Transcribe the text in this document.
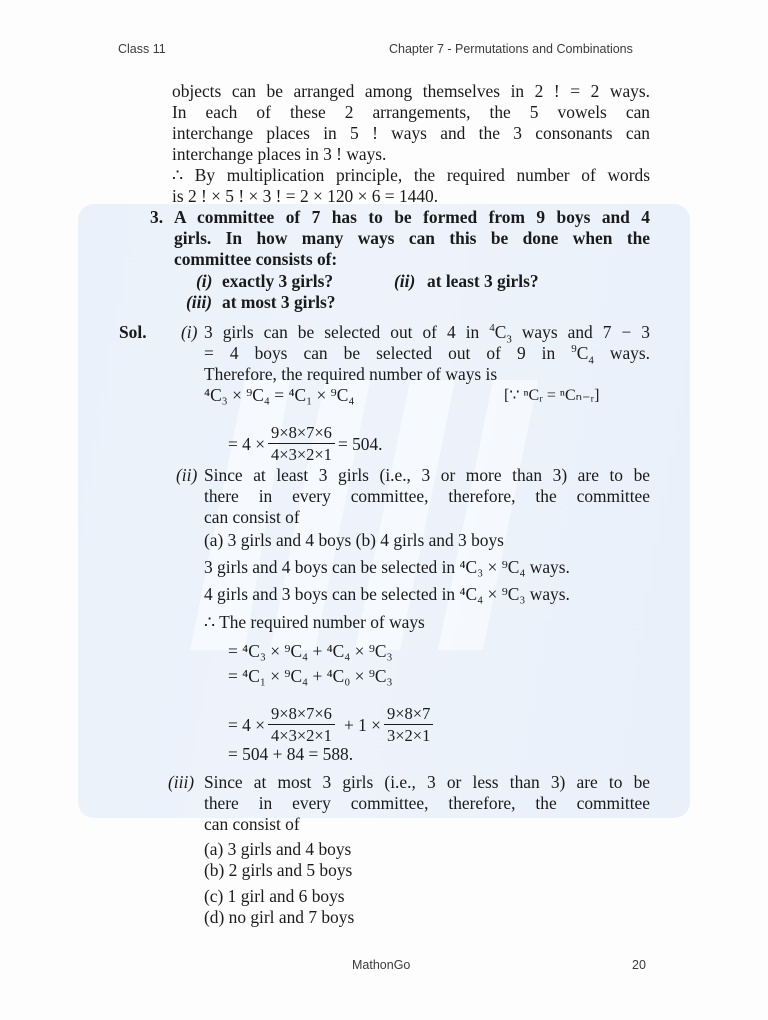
Class 11	Chapter 7 - Permutations and Combinations
objects can be arranged among themselves in 2 ! = 2 ways.
In each of these 2 arrangements, the 5 vowels can
interchange places in 5 ! ways and the 3 consonants can
interchange places in 3 ! ways.
∴ By multiplication principle, the required number of words
is 2 ! × 5 ! × 3 ! = 2 × 120 × 6 = 1440.
3. A committee of 7 has to be formed from 9 boys and 4
girls. In how many ways can this be done when the
committee consists of:
(i) exactly 3 girls?	(ii) at least 3 girls?
(iii) at most 3 girls?
Sol. (i) 3 girls can be selected out of 4 in $^4C_3$ ways and 7 − 3
= 4 boys can be selected out of 9 in $^9C_4$ ways.
Therefore, the required number of ways is
⁴C₃ × ⁹C₄ = ⁴C₁ × ⁹C₄	[∵ ⁿCᵣ = ⁿCₙ₋ᵣ]
= $4 \times \frac{9\times 8\times 7\times 6}{4\times 3\times 2\times 1} = 504$.
(ii) Since at least 3 girls (i.e., 3 or more than 3) are to be
there in every committee, therefore, the committee
can consist of
(a) 3 girls and 4 boys (b) 4 girls and 3 boys
3 girls and 4 boys can be selected in ⁴C₃ × ⁹C₄ ways.
4 girls and 3 boys can be selected in ⁴C₄ × ⁹C₃ ways.
∴ The required number of ways
= ⁴C₃ × ⁹C₄ + ⁴C₄ × ⁹C₃
= ⁴C₁ × ⁹C₄ + ⁴C₀ × ⁹C₃
= $4 \times \frac{9\times 8\times 7\times 6}{4\times 3\times 2\times 1} + 1 \times \frac{9\times 8\times 7}{3\times 2\times 1}$
= 504 + 84 = 588.
(iii) Since at most 3 girls (i.e., 3 or less than 3) are to be
there in every committee, therefore, the committee
can consist of
(a) 3 girls and 4 boys
(b) 2 girls and 5 boys
(c) 1 girl and 6 boys
(d) no girl and 7 boys
MathonGo	20
